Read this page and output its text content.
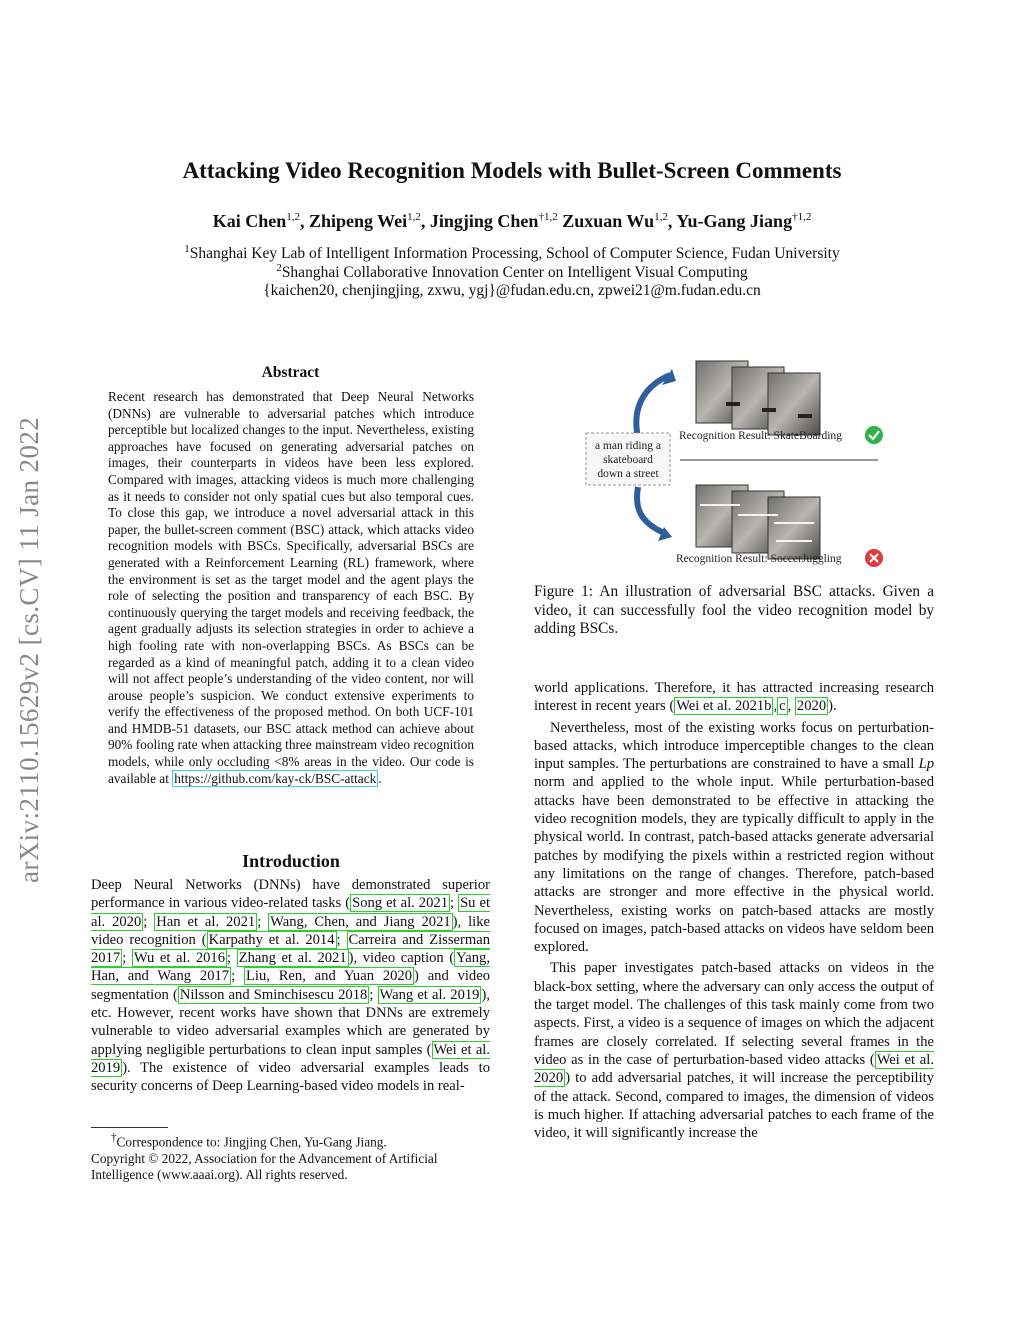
arXiv:2110.15629v2 [cs.CV] 11 Jan 2022
Attacking Video Recognition Models with Bullet-Screen Comments
Kai Chen$^{1,2}$, Zhipeng Wei$^{1,2}$, Jingjing Chen$^{\dagger 1,2}$ Zuxuan Wu$^{1,2}$, Yu-Gang Jiang$^{\dagger 1,2}$
$^1$Shanghai Key Lab of Intelligent Information Processing, School of Computer Science, Fudan University
$^2$Shanghai Collaborative Innovation Center on Intelligent Visual Computing
{kaichen20, chenjingjing, zxwu, ygj}@fudan.edu.cn, zpwei21@m.fudan.edu.cn
Abstract
Recent research has demonstrated that Deep Neural Networks (DNNs) are vulnerable to adversarial patches which introduce perceptible but localized changes to the input. Nevertheless, existing approaches have focused on generating adversarial patches on images, their counterparts in videos have been less explored. Compared with images, attacking videos is much more challenging as it needs to consider not only spatial cues but also temporal cues. To close this gap, we introduce a novel adversarial attack in this paper, the bullet-screen comment (BSC) attack, which attacks video recognition models with BSCs. Specifically, adversarial BSCs are generated with a Reinforcement Learning (RL) framework, where the environment is set as the target model and the agent plays the role of selecting the position and transparency of each BSC. By continuously querying the target models and receiving feedback, the agent gradually adjusts its selection strategies in order to achieve a high fooling rate with non-overlapping BSCs. As BSCs can be regarded as a kind of meaningful patch, adding it to a clean video will not affect people’s understanding of the video content, nor will arouse people’s suspicion. We conduct extensive experiments to verify the effectiveness of the proposed method. On both UCF-101 and HMDB-51 datasets, our BSC attack method can achieve about 90% fooling rate when attacking three mainstream video recognition models, while only occluding <8% areas in the video. Our code is available at https://github.com/kay-ck/BSC-attack .
Introduction

Deep Neural Networks (DNNs) have demonstrated superior performance in various video-related tasks ( Song et al. 2021 ; Su et al. 2020 ; Han et al. 2021 ; Wang, Chen, and Jiang 2021 ), like video recognition ( Karpathy et al. 2014 ; Carreira and Zisserman 2017 ; Wu et al. 2016 ; Zhang et al. 2021 ), video caption ( Yang, Han, and Wang 2017 ; Liu, Ren, and Yuan 2020 ) and video segmentation ( Nilsson and Sminchisescu 2018 ; Wang et al. 2019 ), etc. However, recent works have shown that DNNs are extremely vulnerable to video adversarial examples which are generated by applying negligible perturbations to clean input samples ( Wei et al. 2019 ). The existence of video adversarial examples leads to security concerns of Deep Learning-based video models in real-

†Correspondence to: Jingjing Chen, Yu-Gang Jiang.

Copyright © 2022, Association for the Advancement of Artificial Intelligence (www.aaai.org). All rights reserved.

a man riding a
skateboard
down a street
Recognition Result: SkateBoarding
Recognition Result: SoccerJuggling
Figure 1: An illustration of adversarial BSC attacks. Given a video, it can successfully fool the video recognition model by adding BSCs.

world applications. Therefore, it has attracted increasing research interest in recent years ( Wei et al. 2021b , c , 2020 ).

Nevertheless, most of the existing works focus on perturbation-based attacks, which introduce imperceptible changes to the clean input samples. The perturbations are constrained to have a small Lp norm and applied to the whole input. While perturbation-based attacks have been demonstrated to be effective in attacking the video recognition models, they are typically difficult to apply in the physical world. In contrast, patch-based attacks generate adversarial patches by modifying the pixels within a restricted region without any limitations on the range of changes. Therefore, patch-based attacks are stronger and more effective in the physical world. Nevertheless, existing works on patch-based attacks are mostly focused on images, patch-based attacks on videos have seldom been explored.

This paper investigates patch-based attacks on videos in the black-box setting, where the adversary can only access the output of the target model. The challenges of this task mainly come from two aspects. First, a video is a sequence of images on which the adjacent frames are closely correlated. If selecting several frames in the video as in the case of perturbation-based video attacks ( Wei et al. 2020 ) to add adversarial patches, it will increase the perceptibility of the attack. Second, compared to images, the dimension of videos is much higher. If attaching adversarial patches to each frame of the video, it will significantly increase the
